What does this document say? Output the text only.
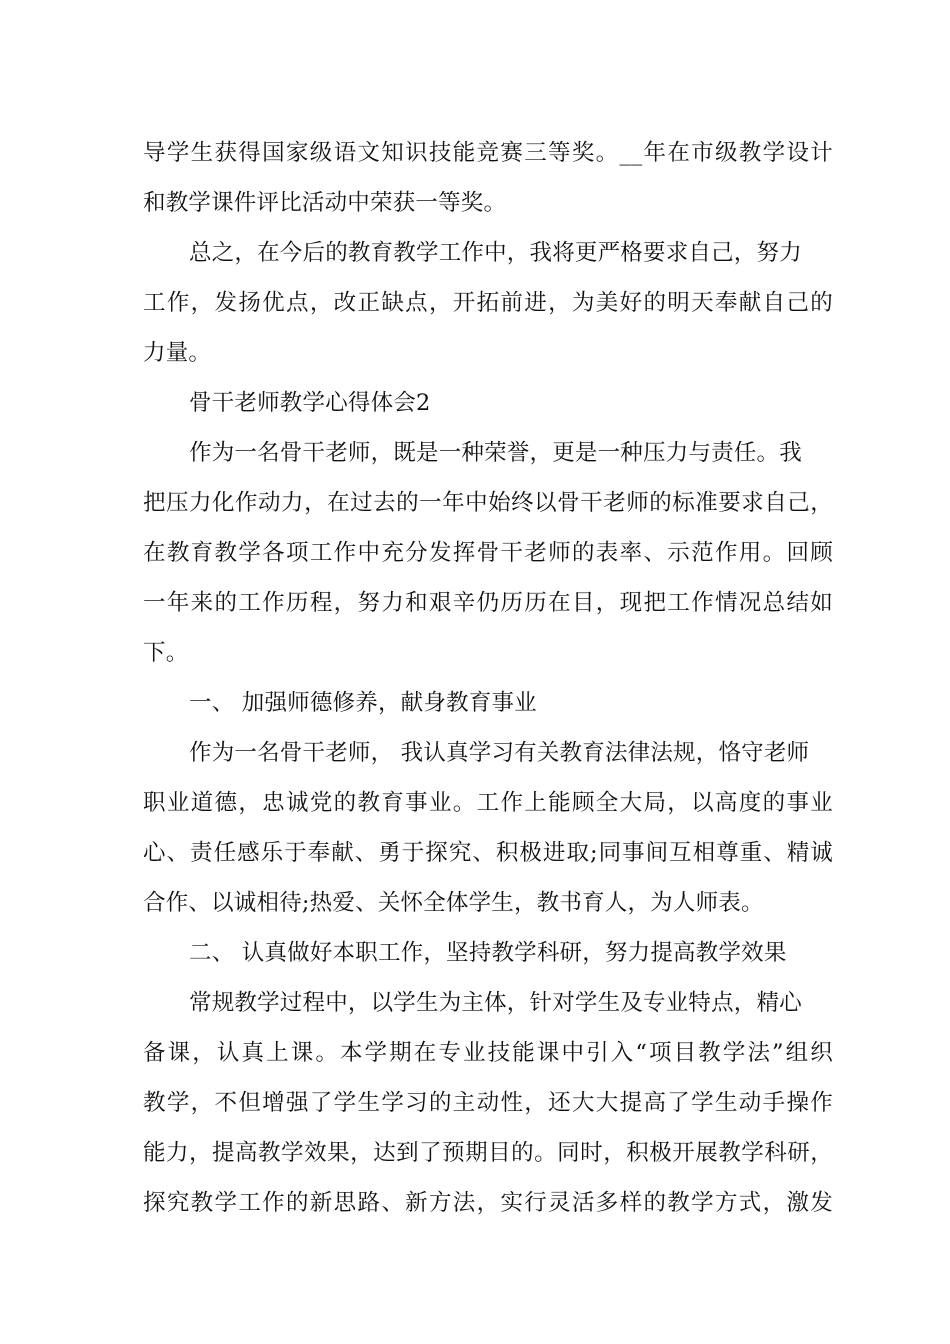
导学生获得国家级语文知识技能竞赛三等奖。__年在市级教学设计
和教学课件评比活动中荣获一等奖。
总之，在今后的教育教学工作中，我将更严格要求自己，努力
工作，发扬优点，改正缺点，开拓前进，为美好的明天奉献自己的
力量。
骨干老师教学心得体会2
作为一名骨干老师，既是一种荣誉，更是一种压力与责任。我
把压力化作动力，在过去的一年中始终以骨干老师的标准要求自己，
在教育教学各项工作中充分发挥骨干老师的表率、示范作用。回顾
一年来的工作历程，努力和艰辛仍历历在目，现把工作情况总结如
下。
一、 加强师德修养，献身教育事业
作为一名骨干老师， 我认真学习有关教育法律法规，恪守老师
职业道德，忠诚党的教育事业。工作上能顾全大局，以高度的事业
心、责任感乐于奉献、勇于探究、积极进取;同事间互相尊重、精诚
合作、以诚相待;热爱、关怀全体学生，教书育人，为人师表。
二、 认真做好本职工作，坚持教学科研，努力提高教学效果
常规教学过程中，以学生为主体，针对学生及专业特点，精心
备课，认真上课。本学期在专业技能课中引入“项目教学法”组织
教学，不但增强了学生学习的主动性，还大大提高了学生动手操作
能力，提高教学效果，达到了预期目的。同时，积极开展教学科研，
探究教学工作的新思路、新方法，实行灵活多样的教学方式，激发
